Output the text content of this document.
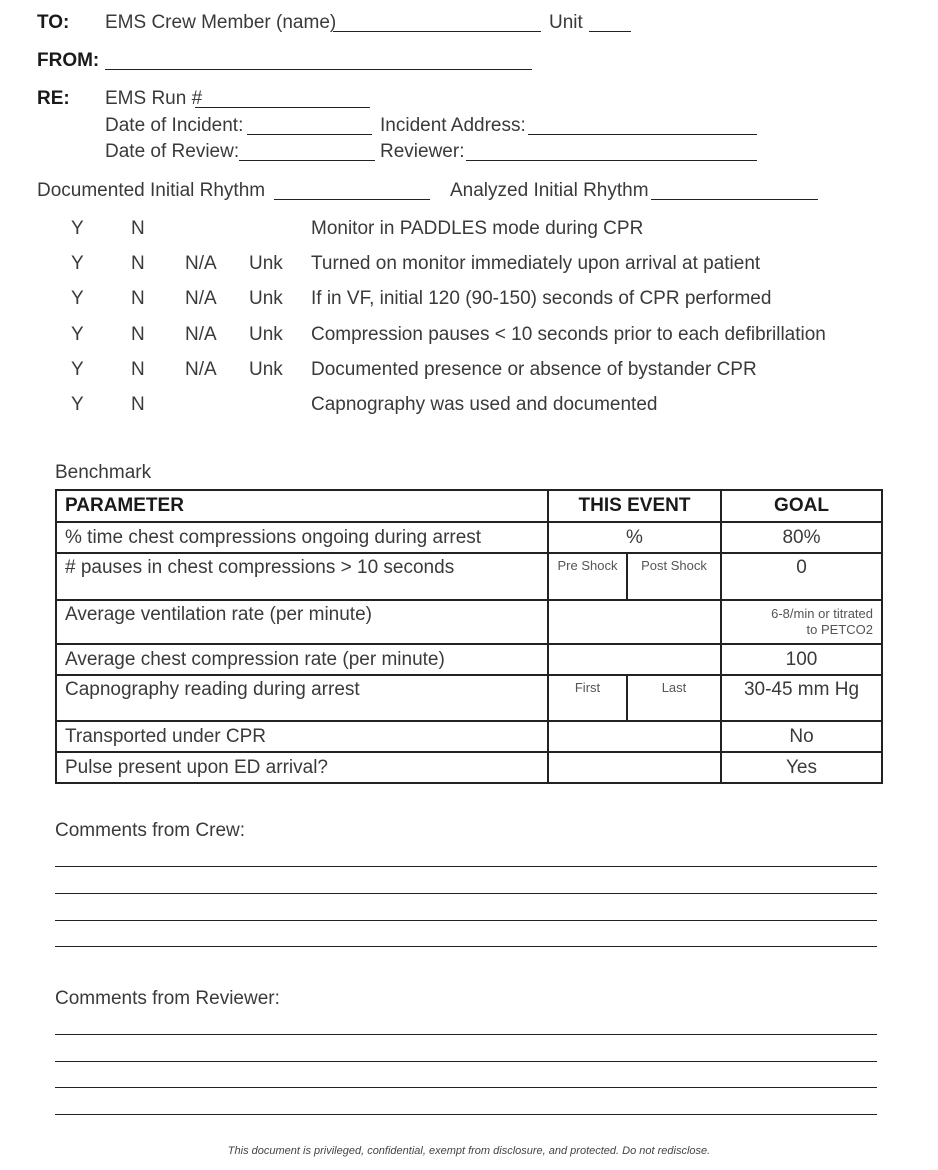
TO: EMS Crew Member (name)	Unit
FROM:
RE: EMS Run #
Date of Incident:	Incident Address:
Date of Review:	Reviewer:
Documented Initial Rhythm	Analyzed Initial Rhythm
Y N	Monitor in PADDLES mode during CPR
Y N N/A Unk Turned on monitor immediately upon arrival at patient
Y N N/A Unk If in VF, initial 120 (90-150) seconds of CPR performed
Y N N/A Unk Compression pauses < 10 seconds prior to each defibrillation
Y N N/A Unk Documented presence or absence of bystander CPR
Y N	Capnography was used and documented
Benchmark
PARAMETER	THIS EVENT		GOAL
% time chest compressions ongoing during arrest	%		80%
# pauses in chest compressions > 10 seconds	Pre Shock	Post Shock	0
Average ventilation rate (per minute)			6-8/min or titrated
to PETCO2

Average chest compression rate (per minute)			100
Capnography reading during arrest	First	Last	30-45 mm Hg
Transported under CPR			No
Pulse present upon ED arrival?			Yes
Comments from Crew:
Comments from Reviewer:
This document is privileged, confidential, exempt from disclosure, and protected. Do not redisclose.
